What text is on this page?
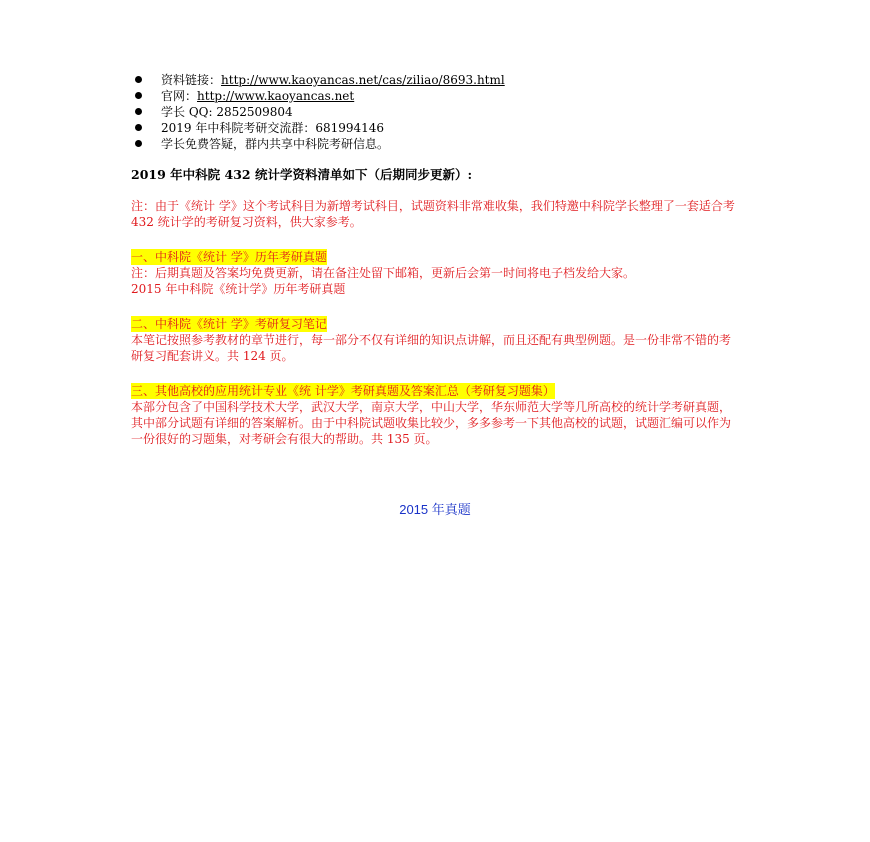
资料链接：http://www.kaoyancas.net/cas/ziliao/8693.html
官网：http://www.kaoyancas.net
学长 QQ: 2852509804
2019 年中科院考研交流群：681994146
学长免费答疑，群内共享中科院考研信息。
2019 年中科院 432 统计学资料清单如下（后期同步更新）:

注：由于《统计 学》这个考试科目为新增考试科目，试题资料非常难收集，我们特邀中科院学长整理了一套适合考 432 统计学的考研复习资料，供大家参考。

一、中科院《统计 学》历年考研真题

注：后期真题及答案均免费更新，请在备注处留下邮箱，更新后会第一时间将电子档发给大家。

2015 年中科院《统计学》历年考研真题

二、中科院《统计 学》考研复习笔记

本笔记按照参考教材的章节进行，每一部分不仅有详细的知识点讲解，而且还配有典型例题。是一份非常不错的考研复习配套讲义。共 124 页。

三、其他高校的应用统计专业《统 计学》考研真题及答案汇总（考研复习题集）

本部分包含了中国科学技术大学，武汉大学，南京大学，中山大学，华东师范大学等几所高校的统计学考研真题，其中部分试题有详细的答案解析。由于中科院试题收集比较少，多多参考一下其他高校的试题，试题汇编可以作为一份很好的习题集，对考研会有很大的帮助。共 135 页。

2015 年真题
